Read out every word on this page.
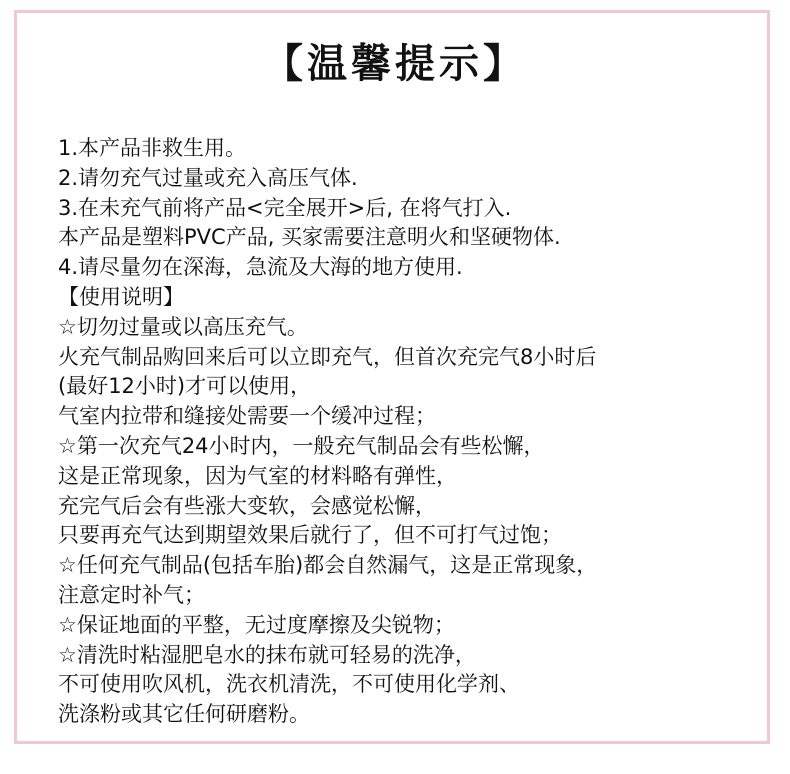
【温馨提示】
1.本产品非救生用。
2.请勿充气过量或充入高压气体.
3.在未充气前将产品<完全展开>后, 在将气打入.
本产品是塑料PVC产品, 买家需要注意明火和坚硬物体.
4.请尽量勿在深海，急流及大海的地方使用.
【使用说明】
☆切勿过量或以高压充气。
火充气制品购回来后可以立即充气，但首次充完气8小时后
(最好12小时)才可以使用，
气室内拉带和缝接处需要一个缓冲过程；
☆第一次充气24小时内，一般充气制品会有些松懈，
这是正常现象，因为气室的材料略有弹性，
充完气后会有些涨大变软，会感觉松懈，
只要再充气达到期望效果后就行了，但不可打气过饱；
☆任何充气制品(包括车胎)都会自然漏气，这是正常现象，
注意定时补气；
☆保证地面的平整，无过度摩擦及尖锐物；
☆清洗时粘湿肥皂水的抹布就可轻易的洗净，
不可使用吹风机，洗衣机清洗，不可使用化学剂、
洗涤粉或其它任何研磨粉。
